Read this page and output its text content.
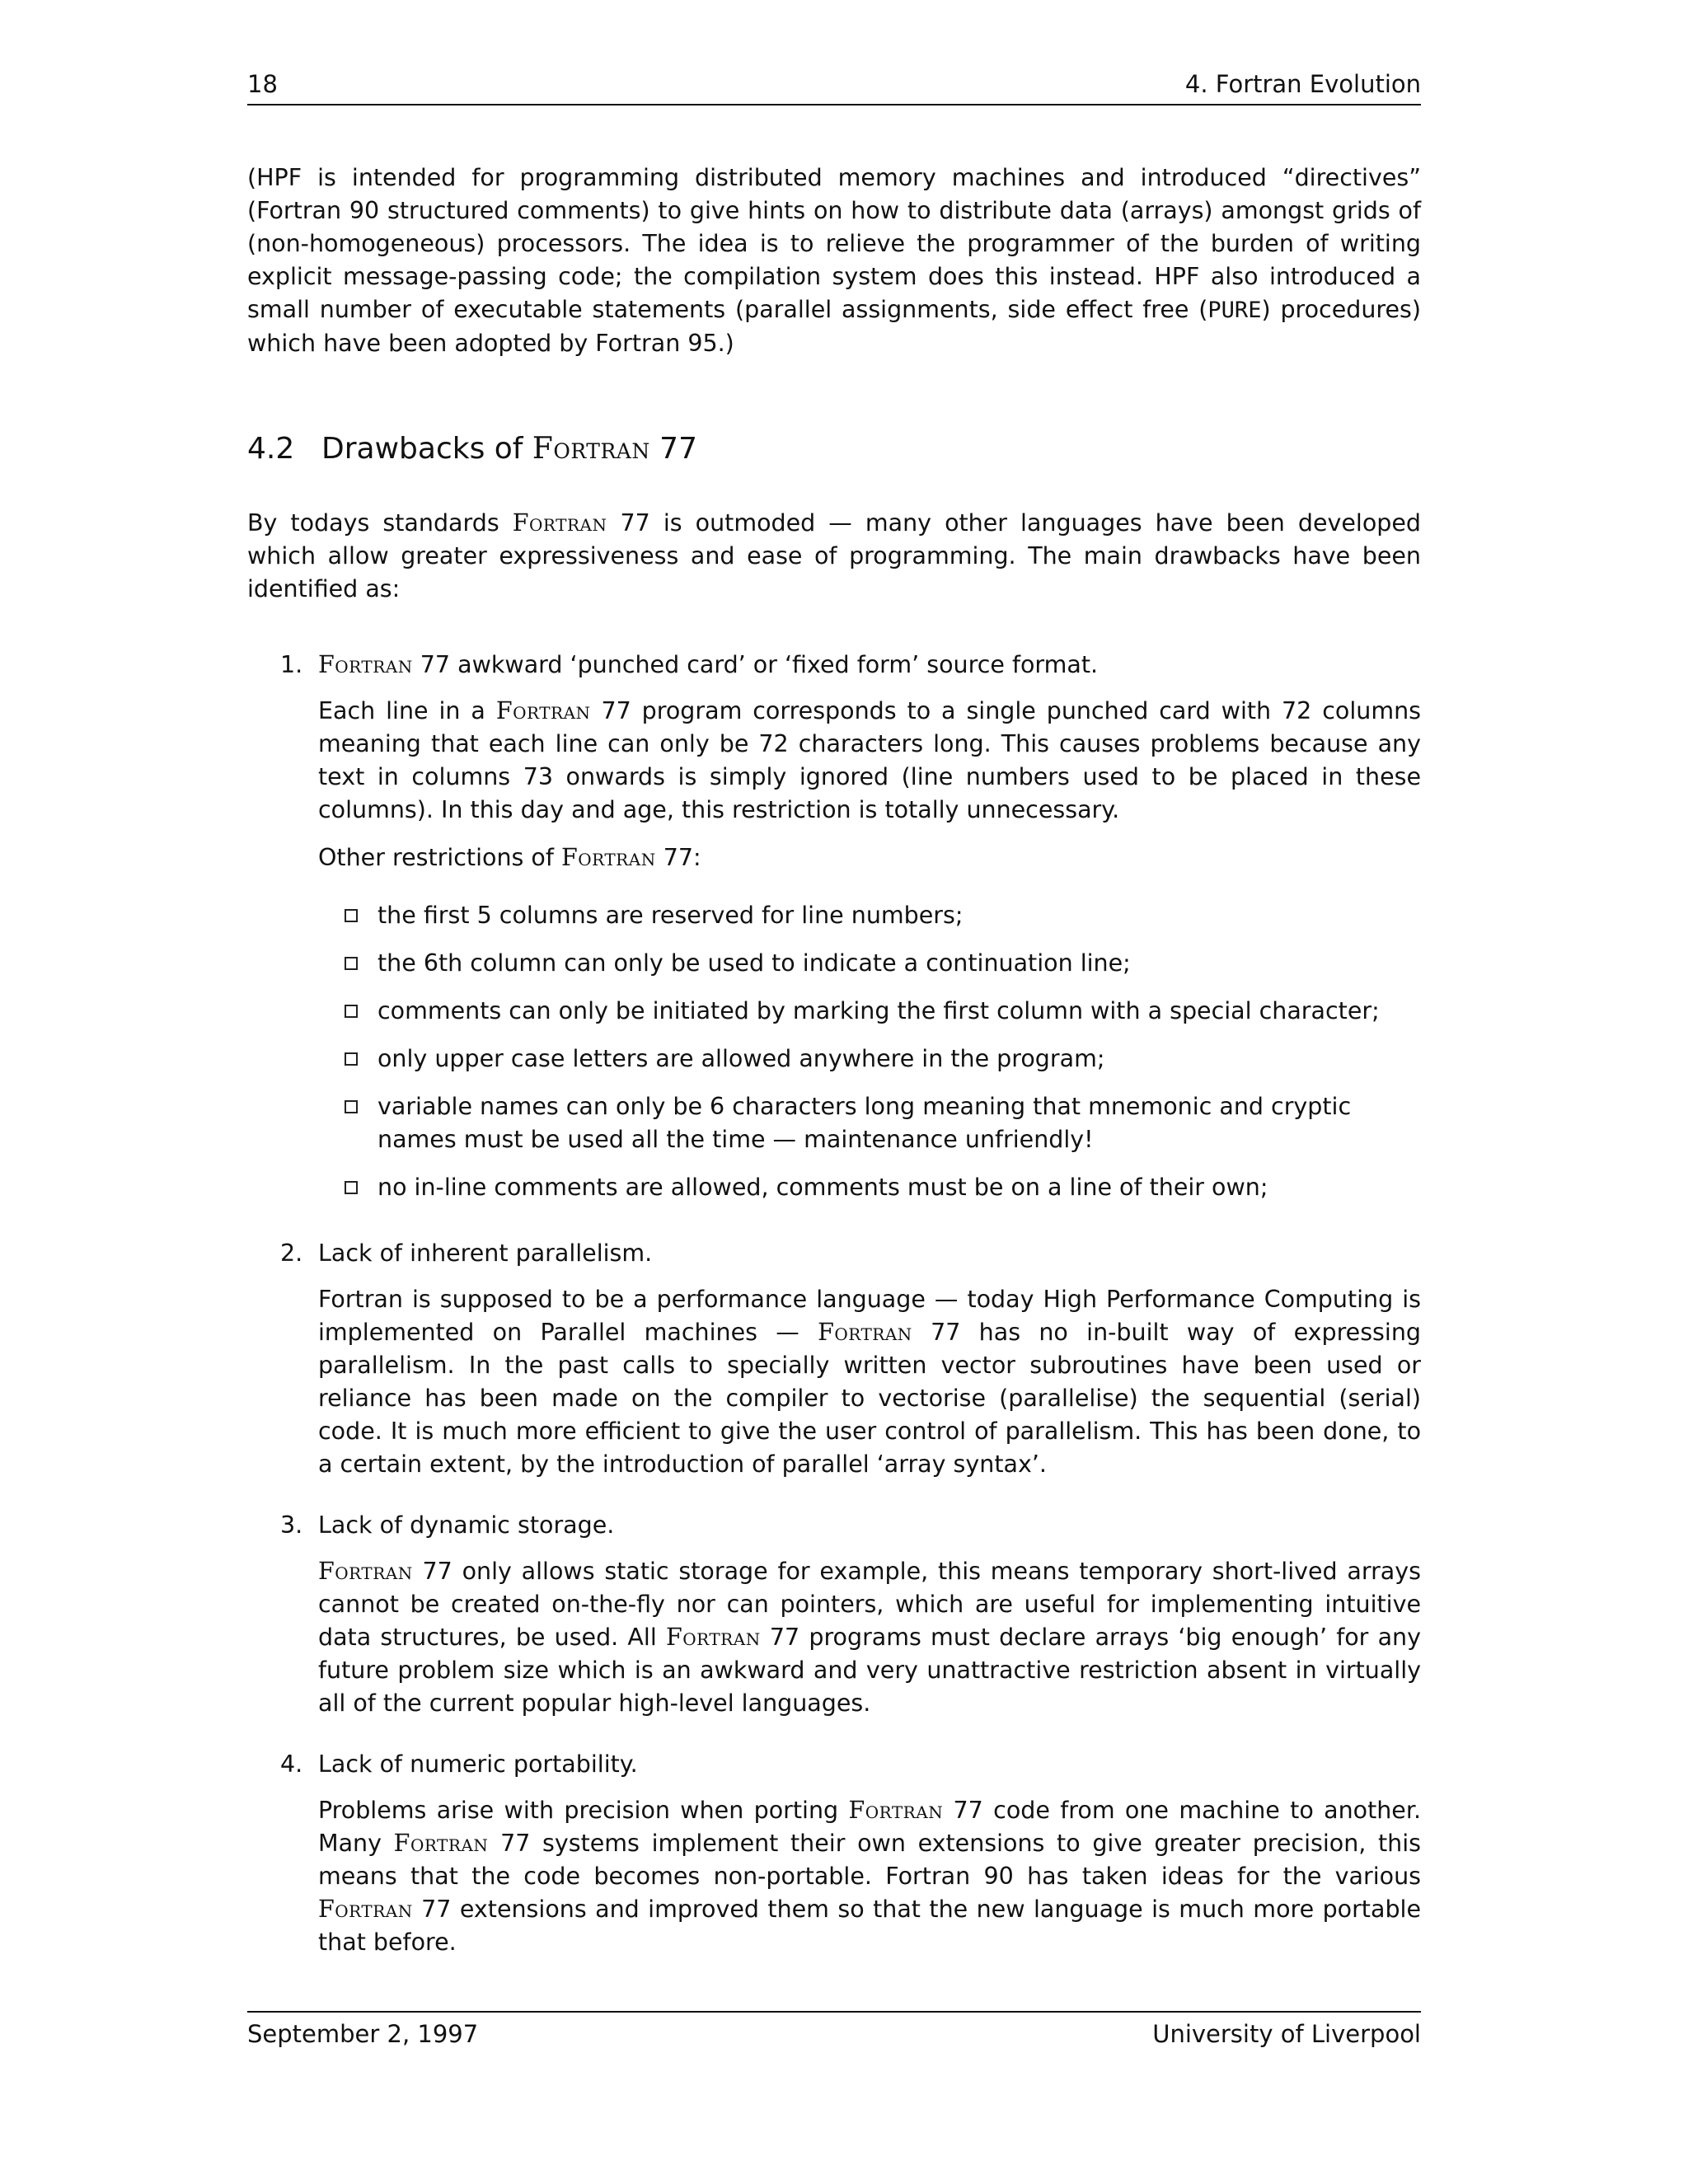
18	4. Fortran Evolution

(HPF is intended for programming distributed memory machines and introduced “directives” (Fortran 90 structured comments) to give hints on how to distribute data (arrays) amongst grids of (non-homogeneous) processors. The idea is to relieve the programmer of the burden of writing explicit message-passing code; the compilation system does this instead. HPF also introduced a small number of executable statements (parallel assignments, side effect free (PURE) procedures) which have been adopted by Fortran 95.)

4.2 Drawbacks of Fortran 77

By todays standards Fortran 77 is outmoded — many other languages have been developed which allow greater expressiveness and ease of programming. The main drawbacks have been identified as:

1. Fortran 77 awkward ‘punched card’ or ‘fixed form’ source format.

Each line in a Fortran 77 program corresponds to a single punched card with 72 columns meaning that each line can only be 72 characters long. This causes problems because any text in columns 73 onwards is simply ignored (line numbers used to be placed in these columns). In this day and age, this restriction is totally unnecessary.

Other restrictions of Fortran 77:

the first 5 columns are reserved for line numbers;
the 6th column can only be used to indicate a continuation line;
comments can only be initiated by marking the first column with a special character;
only upper case letters are allowed anywhere in the program;
variable names can only be 6 characters long meaning that mnemonic and cryptic names must be used all the time — maintenance unfriendly!
no in-line comments are allowed, comments must be on a line of their own;
2. Lack of inherent parallelism.

Fortran is supposed to be a performance language — today High Performance Computing is implemented on Parallel machines — Fortran 77 has no in-built way of expressing parallelism. In the past calls to specially written vector subroutines have been used or reliance has been made on the compiler to vectorise (parallelise) the sequential (serial) code. It is much more efficient to give the user control of parallelism. This has been done, to a certain extent, by the introduction of parallel ‘array syntax’.

3. Lack of dynamic storage.

Fortran 77 only allows static storage for example, this means temporary short-lived arrays cannot be created on-the-fly nor can pointers, which are useful for implementing intuitive data structures, be used. All Fortran 77 programs must declare arrays ‘big enough’ for any future problem size which is an awkward and very unattractive restriction absent in virtually all of the current popular high-level languages.

4. Lack of numeric portability.

Problems arise with precision when porting Fortran 77 code from one machine to another. Many Fortran 77 systems implement their own extensions to give greater precision, this means that the code becomes non-portable. Fortran 90 has taken ideas for the various Fortran 77 extensions and improved them so that the new language is much more portable that before.

September 2, 1997	University of Liverpool
